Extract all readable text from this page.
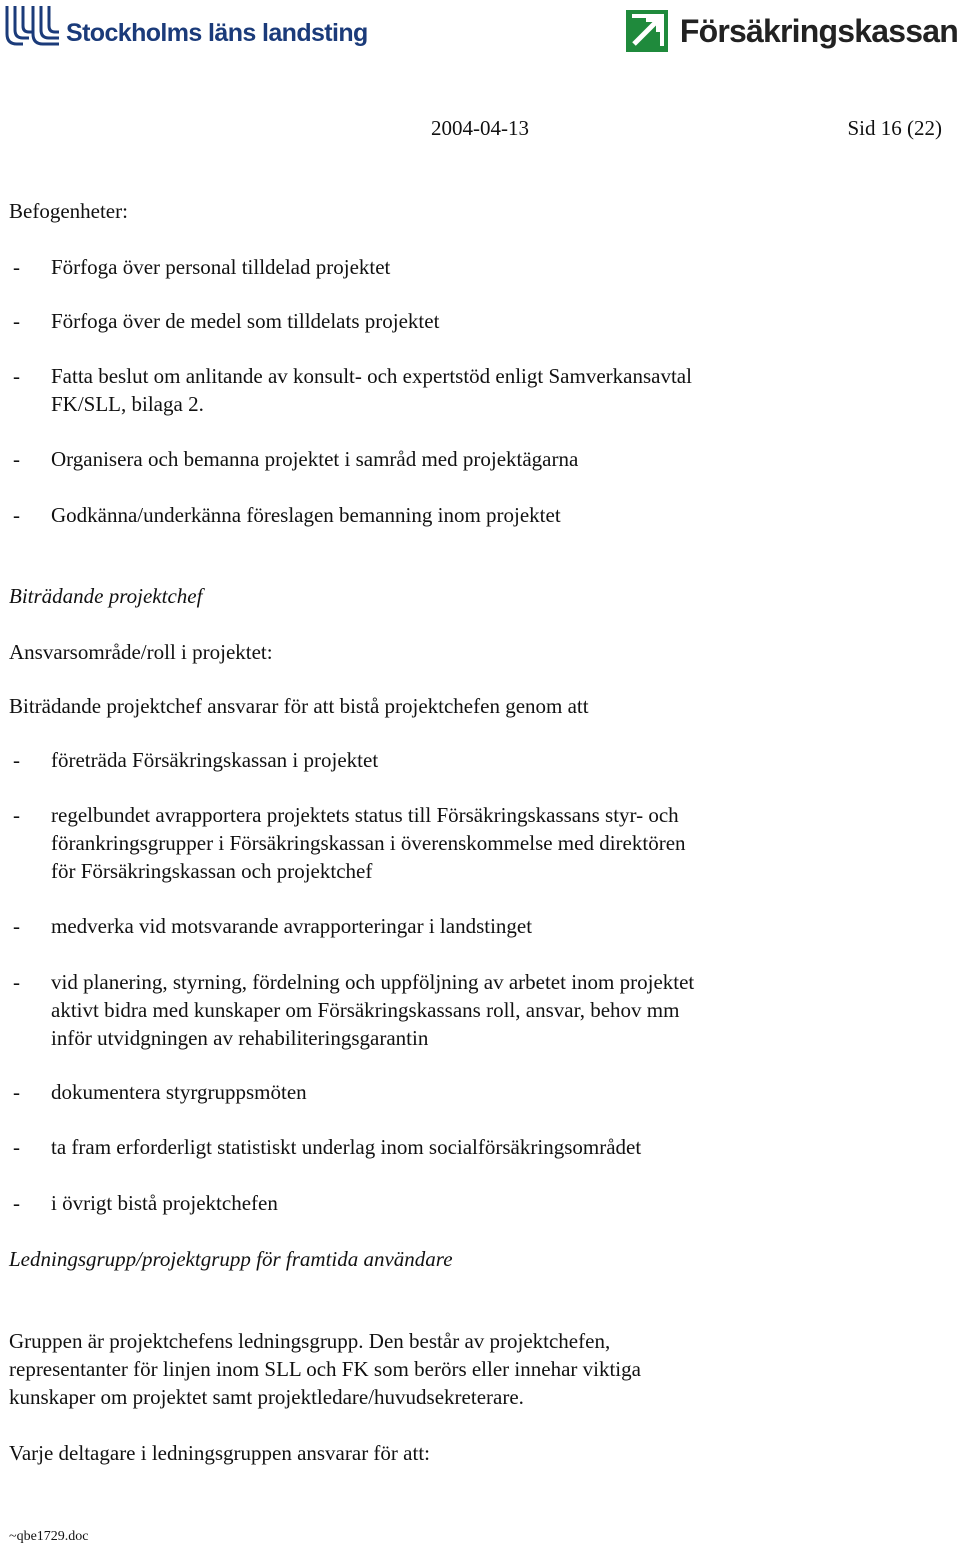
Stockholms läns landsting	Försäkringskassan
2004-04-13	Sid 16 (22)
Befogenheter:
- Förfoga över personal tilldelad projektet
- Förfoga över de medel som tilldelats projektet
- Fatta beslut om anlitande av konsult- och expertstöd enligt Samverkansavtal
FK/SLL, bilaga 2.
- Organisera och bemanna projektet i samråd med projektägarna
- Godkänna/underkänna föreslagen bemanning inom projektet
Biträdande projektchef
Ansvarsområde/roll i projektet:
Biträdande projektchef ansvarar för att bistå projektchefen genom att
- företräda Försäkringskassan i projektet
- regelbundet avrapportera projektets status till Försäkringskassans styr- och
förankringsgrupper i Försäkringskassan i överenskommelse med direktören
för Försäkringskassan och projektchef
- medverka vid motsvarande avrapporteringar i landstinget
- vid planering, styrning, fördelning och uppföljning av arbetet inom projektet
aktivt bidra med kunskaper om Försäkringskassans roll, ansvar, behov mm
inför utvidgningen av rehabiliteringsgarantin
- dokumentera styrgruppsmöten
- ta fram erforderligt statistiskt underlag inom socialförsäkringsområdet
- i övrigt bistå projektchefen
Ledningsgrupp/projektgrupp för framtida användare
Gruppen är projektchefens ledningsgrupp. Den består av projektchefen,
representanter för linjen inom SLL och FK som berörs eller innehar viktiga
kunskaper om projektet samt projektledare/huvudsekreterare.
Varje deltagare i ledningsgruppen ansvarar för att:
~qbe1729.doc
